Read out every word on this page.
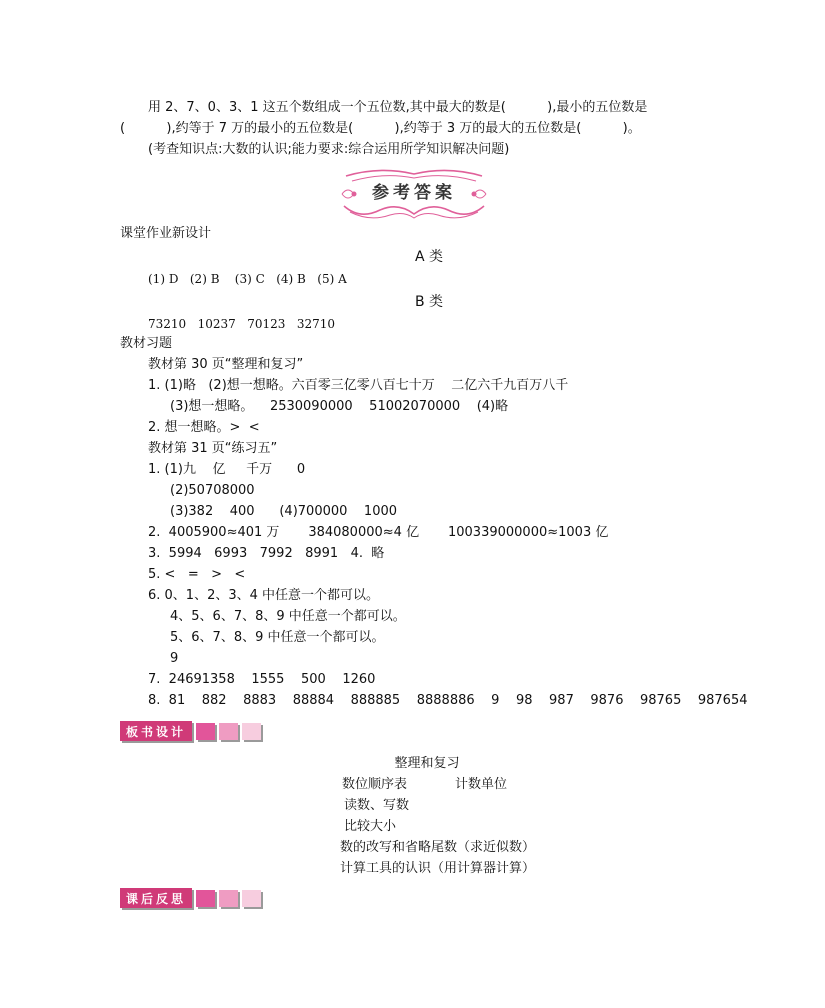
用 2、7、0、3、1 这五个数组成一个五位数,其中最大的数是(          ),最小的五位数是
(          ),约等于 7 万的最小的五位数是(          ),约等于 3 万的最大的五位数是(          )。
(考查知识点:大数的认识;能力要求:综合运用所学知识解决问题)
参考答案
课堂作业新设计
A 类
(1) D   (2) B    (3) C   (4) B   (5) A
B 类
73210   10237   70123   32710
教材习题
教材第 30 页“整理和复习”
1. (1)略   (2)想一想略。六百零三亿零八百七十万    二亿六千九百万八千
(3)想一想略。    2530090000    51002070000    (4)略
2. 想一想略。>  <
教材第 31 页“练习五”
1. (1)九    亿     千万      0
(2)50708000
(3)382    400      (4)700000    1000
2.  4005900≈401 万       384080000≈4 亿       100339000000≈1003 亿
3.  5994   6993   7992   8991   4.  略
5. <   =   >   <
6. 0、1、2、3、4 中任意一个都可以。
4、5、6、7、8、9 中任意一个都可以。
5、6、7、8、9 中任意一个都可以。
9
7.  24691358    1555    500    1260
8.  81    882    8883    88884    888885    8888886    9    98    987    9876    98765    987654
板书设计
整理和复习
数位顺序表	计数单位
读数、写数
比较大小
数的改写和省略尾数（求近似数）
计算工具的认识（用计算器计算）
课后反思
